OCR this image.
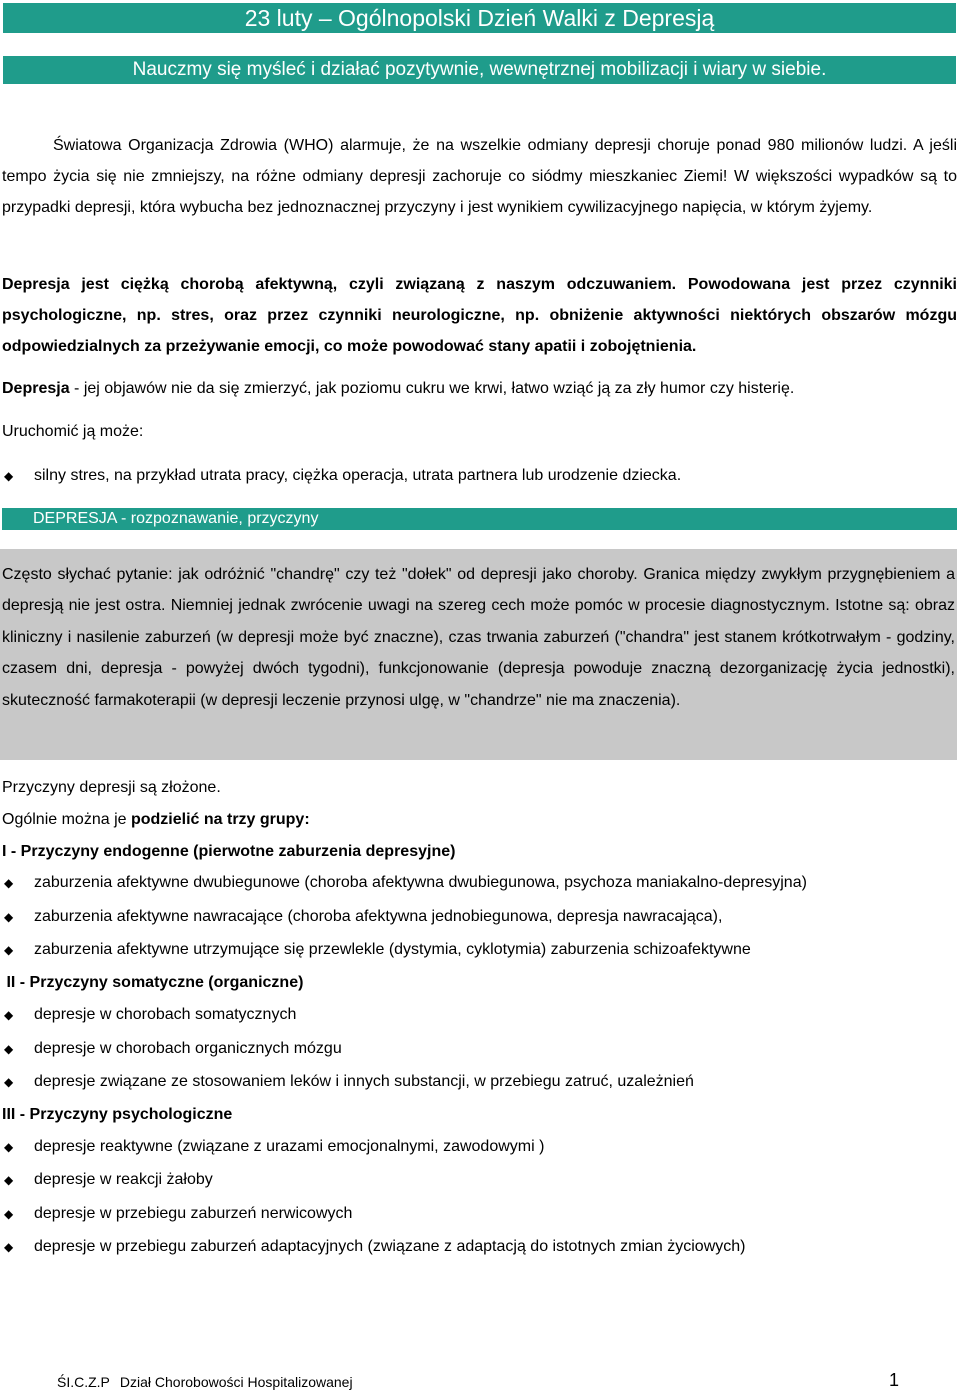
23 luty – Ogólnopolski Dzień Walki z Depresją
Nauczmy się myśleć i działać pozytywnie, wewnętrznej mobilizacji i wiary w siebie.

Światowa Organizacja Zdrowia (WHO) alarmuje, że na wszelkie odmiany depresji choruje ponad 980 milionów ludzi. A jeśli tempo życia się nie zmniejszy, na różne odmiany depresji zachoruje co siódmy mieszkaniec Ziemi! W większości wypadków są to przypadki depresji, która wybucha bez jednoznacznej przyczyny i jest wynikiem cywilizacyjnego napięcia, w którym żyjemy.

Depresja jest ciężką chorobą afektywną, czyli związaną z naszym odczuwaniem. Powodowana jest przez czynniki psychologiczne, np. stres, oraz przez czynniki neurologiczne, np. obniżenie aktywności niektórych obszarów mózgu odpowiedzialnych za przeżywanie emocji, co może powodować stany apatii i zobojętnienia.

Depresja - jej objawów nie da się zmierzyć, jak poziomu cukru we krwi, łatwo wziąć ją za zły humor czy histerię.

Uruchomić ją może:

◆ silny stres, na przykład utrata pracy, ciężka operacja, utrata partnera lub urodzenie dziecka.
DEPRESJA - rozpoznawanie, przyczyny
Często słychać pytanie: jak odróżnić "chandrę" czy też "dołek" od depresji jako choroby. Granica między zwykłym przygnębieniem a depresją nie jest ostra. Niemniej jednak zwrócenie uwagi na szereg cech może pomóc w procesie diagnostycznym. Istotne są: obraz kliniczny i nasilenie zaburzeń (w depresji może być znaczne), czas trwania zaburzeń ("chandra" jest stanem krótkotrwałym - godziny, czasem dni, depresja - powyżej dwóch tygodni), funkcjonowanie (depresja powoduje znaczną dezorganizację życia jednostki), skuteczność farmakoterapii (w depresji leczenie przynosi ulgę, w "chandrze" nie ma znaczenia).

Przyczyny depresji są złożone.

Ogólnie można je podzielić na trzy grupy:

I - Przyczyny endogenne (pierwotne zaburzenia depresyjne)

◆ zaburzenia afektywne dwubiegunowe (choroba afektywna dwubiegunowa, psychoza maniakalno-depresyjna)
◆ zaburzenia afektywne nawracające (choroba afektywna jednobiegunowa, depresja nawracająca),
◆ zaburzenia afektywne utrzymujące się przewlekle (dystymia, cyklotymia) zaburzenia schizoafektywne

II - Przyczyny somatyczne (organiczne)

◆ depresje w chorobach somatycznych
◆ depresje w chorobach organicznych mózgu
◆ depresje związane ze stosowaniem leków i innych substancji, w przebiegu zatruć, uzależnień

III - Przyczyny psychologiczne

◆ depresje reaktywne (związane z urazami emocjonalnymi, zawodowymi )
◆ depresje w reakcji żałoby
◆ depresje w przebiegu zaburzeń nerwicowych
◆ depresje w przebiegu zaburzeń adaptacyjnych (związane z adaptacją do istotnych zmian życiowych)
ŚI.C.Z.P Dział Chorobowości Hospitalizowanej	1
